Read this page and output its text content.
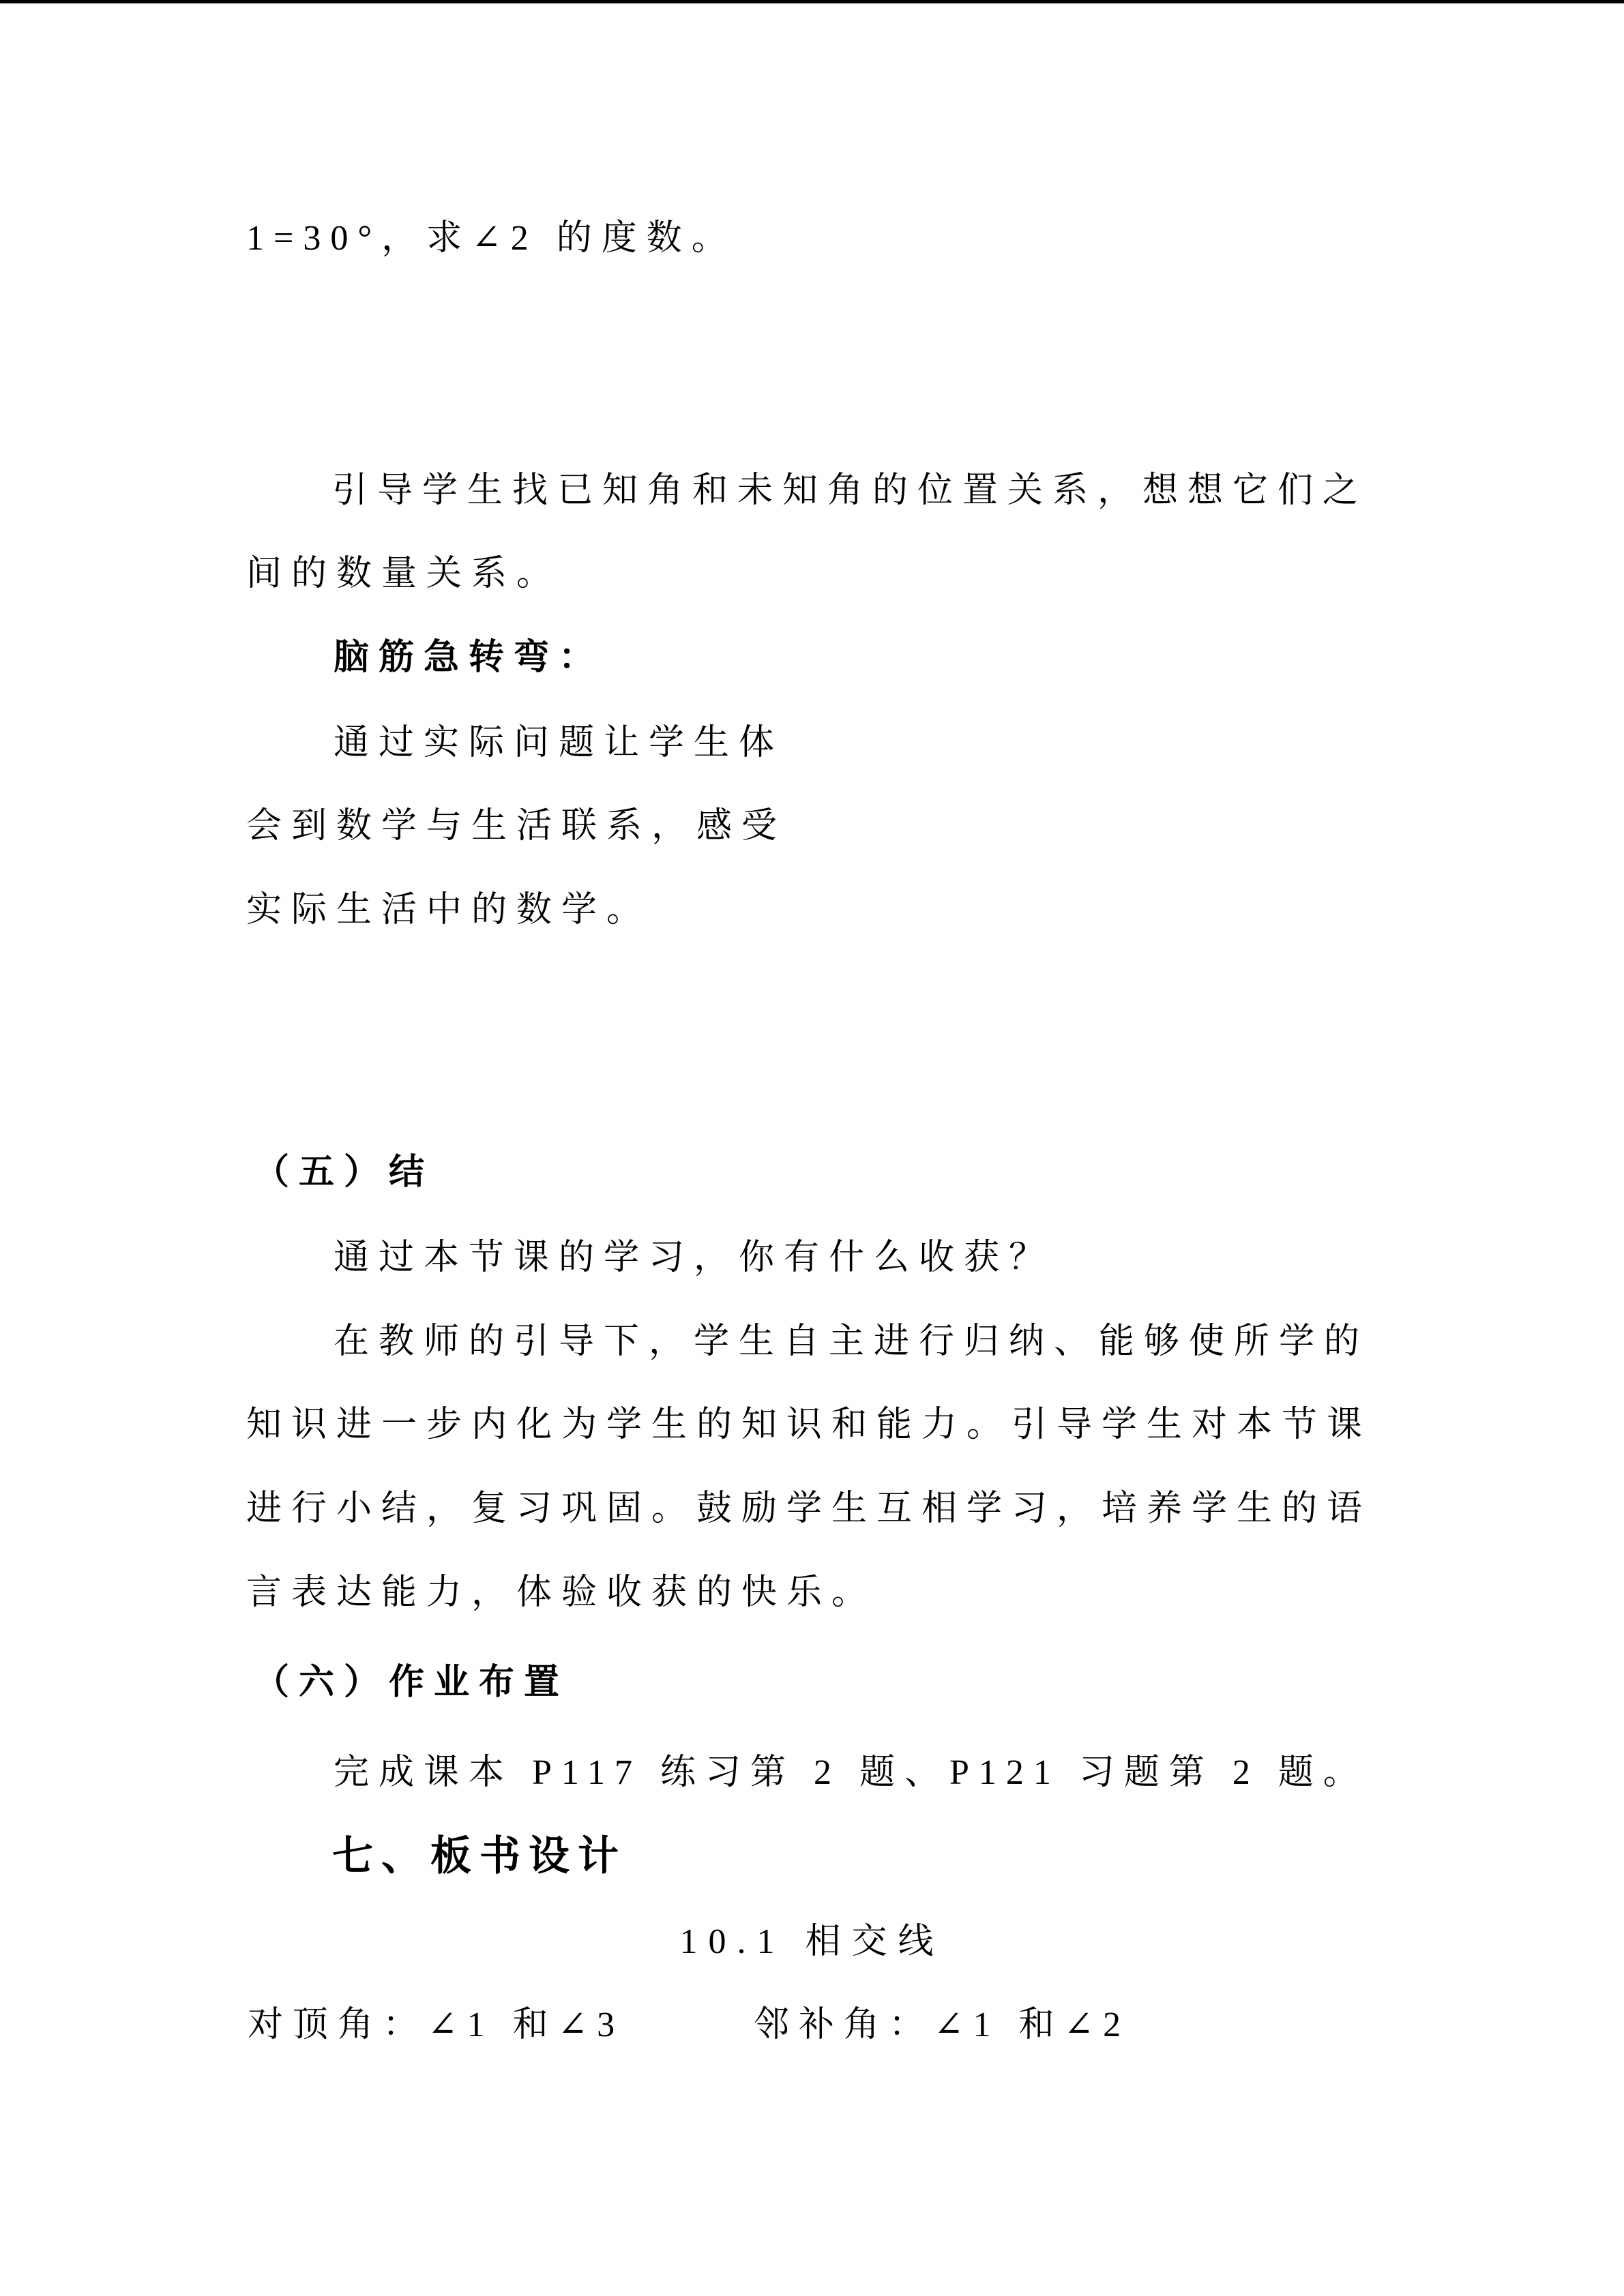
1=30°，求∠2 的度数。
引导学生找已知角和未知角的位置关系，想想它们之
间的数量关系。
脑筋急转弯：
通过实际问题让学生体
会到数学与生活联系，感受
实际生活中的数学。
（五）结
通过本节课的学习，你有什么收获？
在教师的引导下，学生自主进行归纳、能够使所学的
知识进一步内化为学生的知识和能力。引导学生对本节课
进行小结，复习巩固。鼓励学生互相学习，培养学生的语
言表达能力，体验收获的快乐。
（六）作业布置
完成课本 P117 练习第 2 题、P121 习题第 2 题。
七、板书设计
10.1 相交线
对顶角：∠1 和∠3	邻补角：∠1 和∠2
